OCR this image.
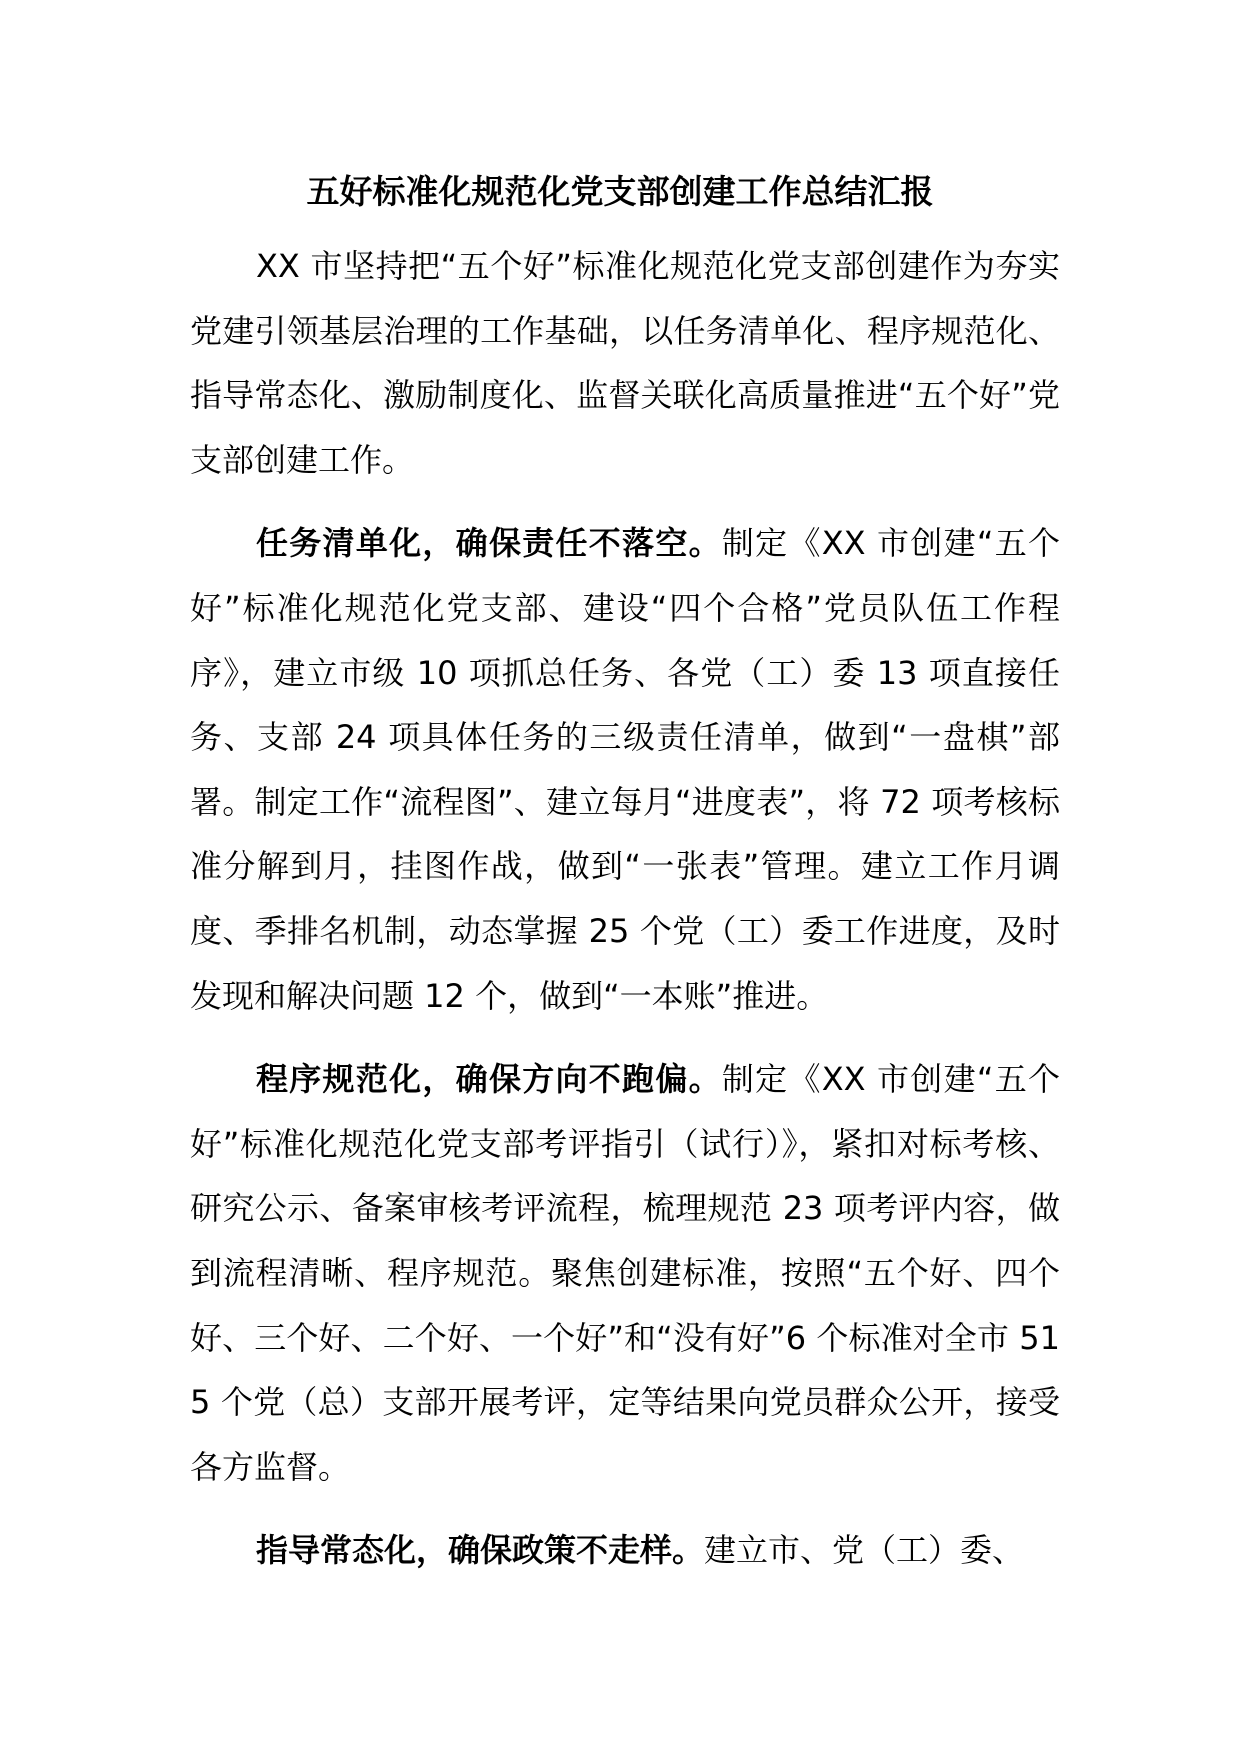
五好标准化规范化党支部创建工作总结汇报

XX 市坚持把“五个好”标准化规范化党支部创建作为夯实党建引领基层治理的工作基础，以任务清单化、程序规范化、指导常态化、激励制度化、监督关联化高质量推进“五个好”党支部创建工作。

任务清单化，确保责任不落空。制定《XX 市创建“五个好”标准化规范化党支部、建设“四个合格”党员队伍工作程序》，建立市级 10 项抓总任务、各党（工）委 13 项直接任务、支部 24 项具体任务的三级责任清单，做到“一盘棋”部署。制定工作“流程图”、建立每月“进度表”，将 72 项考核标准分解到月，挂图作战，做到“一张表”管理。建立工作月调度、季排名机制，动态掌握 25 个党（工）委工作进度，及时发现和解决问题 12 个，做到“一本账”推进。

程序规范化，确保方向不跑偏。制定《XX 市创建“五个好”标准化规范化党支部考评指引（试行）》，紧扣对标考核、研究公示、备案审核考评流程，梳理规范 23 项考评内容，做到流程清晰、程序规范。聚焦创建标准，按照“五个好、四个好、三个好、二个好、一个好”和“没有好”6 个标准对全市 515 个党（总）支部开展考评，定等结果向党员群众公开，接受各方监督。

指导常态化，确保政策不走样。建立市、党（工）委、
